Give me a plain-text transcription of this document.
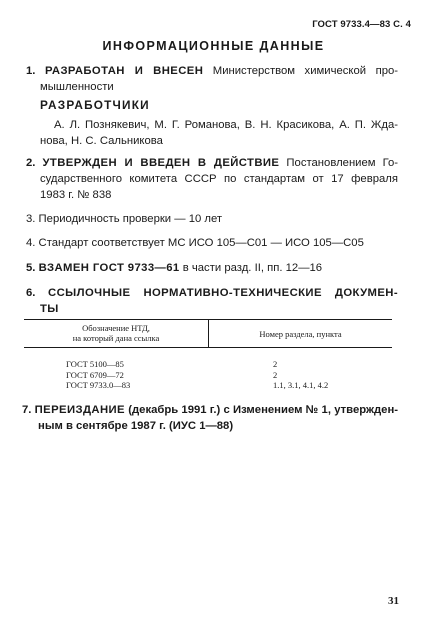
ГОСТ 9733.4—83 С. 4
ИНФОРМАЦИОННЫЕ ДАННЫЕ
1. РАЗРАБОТАН И ВНЕСЕН Министерством химической про-
мышленности
РАЗРАБОТЧИКИ
А. Л. Познякевич, М. Г. Романова, В. Н. Красикова, А. П. Жда-
нова, Н. С. Сальникова
2. УТВЕРЖДЕН И ВВЕДЕН В ДЕЙСТВИЕ Постановлением Го-
сударственного комитета СССР по стандартам от 17 февраля
1983 г. № 838
3. Периодичность проверки — 10 лет
4. Стандарт соответствует МС ИСО 105—С01 — ИСО 105—С05
5. ВЗАМЕН ГОСТ 9733—61 в части разд. II, пп. 12—16
6. ССЫЛОЧНЫЕ НОРМАТИВНО-ТЕХНИЧЕСКИЕ ДОКУМЕН-
ТЫ
Обозначение НТД,
на который дана ссылка	Номер раздела, пункта
ГОСТ 5100—85
ГОСТ 6709—72
ГОСТ 9733.0—83
2
2
1.1, 3.1, 4.1, 4.2
7. ПЕРЕИЗДАНИЕ (декабрь 1991 г.) с Изменением № 1, утвержден-
ным в сентябре 1987 г. (ИУС 1—88)
31
